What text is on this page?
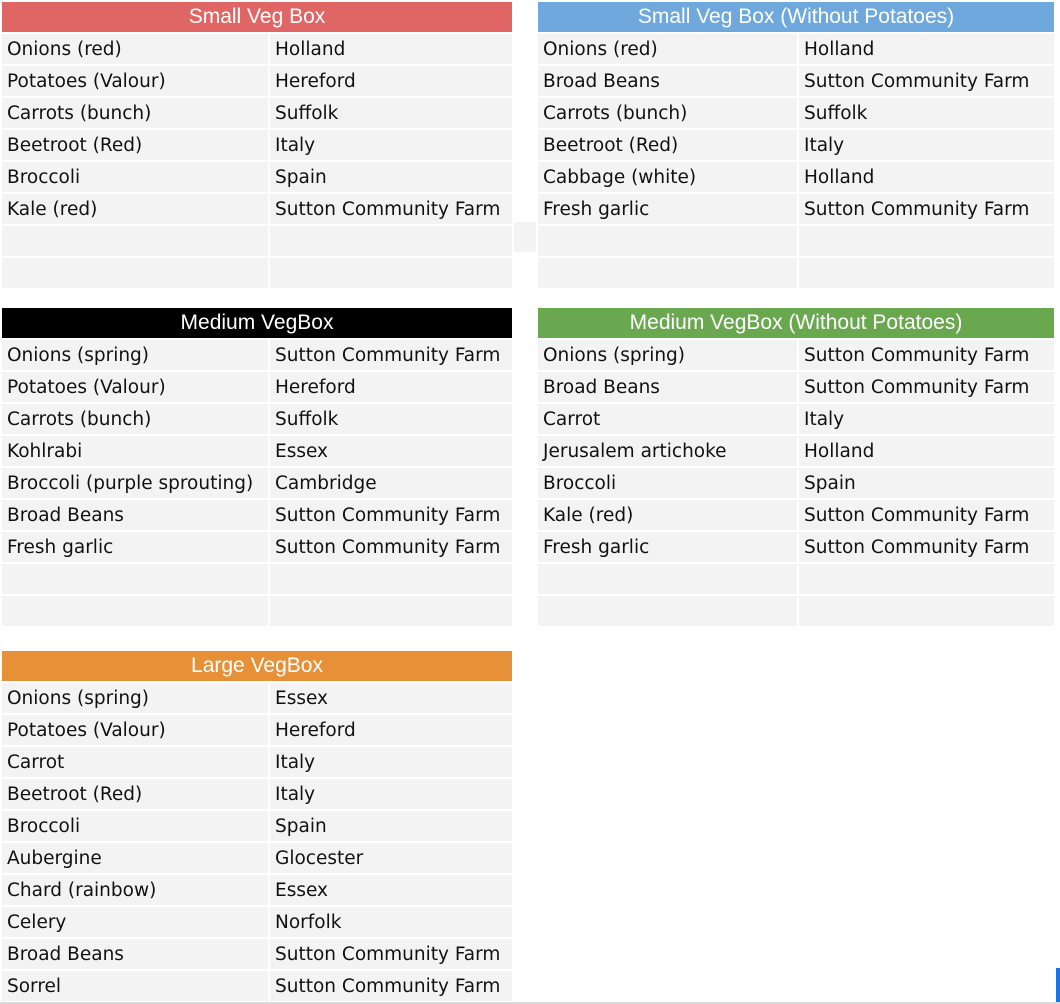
Small Veg Box
Onions (red)	Holland
Potatoes (Valour)	Hereford
Carrots (bunch)	Suffolk
Beetroot (Red)	Italy
Broccoli	Spain
Kale (red)	Sutton Community Farm

Small Veg Box (Without Potatoes)
Onions (red)	Holland
Broad Beans	Sutton Community Farm
Carrots (bunch)	Suffolk
Beetroot (Red)	Italy
Cabbage (white)	Holland
Fresh garlic	Sutton Community Farm

Medium VegBox
Onions (spring)	Sutton Community Farm
Potatoes (Valour)	Hereford
Carrots (bunch)	Suffolk
Kohlrabi	Essex
Broccoli (purple sprouting)	Cambridge
Broad Beans	Sutton Community Farm
Fresh garlic	Sutton Community Farm

Medium VegBox (Without Potatoes)
Onions (spring)	Sutton Community Farm
Broad Beans	Sutton Community Farm
Carrot	Italy
Jerusalem artichoke	Holland
Broccoli	Spain
Kale (red)	Sutton Community Farm
Fresh garlic	Sutton Community Farm

Large VegBox
Onions (spring)	Essex
Potatoes (Valour)	Hereford
Carrot	Italy
Beetroot (Red)	Italy
Broccoli	Spain
Aubergine	Glocester
Chard (rainbow)	Essex
Celery	Norfolk
Broad Beans	Sutton Community Farm
Sorrel	Sutton Community Farm
